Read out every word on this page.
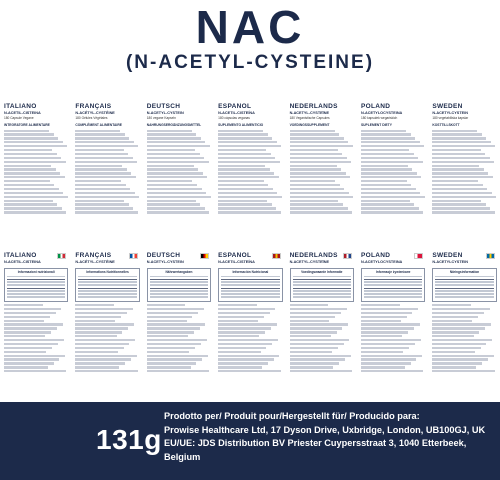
NAC
(N-ACETYL-CYSTEINE)
ITALIANO
N-ACETIL-CISTEINA
180 Capsule Vegane
INTEGRATORE ALIMENTARE
FRANÇAIS
N-ACÉTYL-CYSTÉINE
180 Gélules Végétales
COMPLÉMENT ALIMENTAIRE
DEUTSCH
N-ACETYL-CYSTEIN
180 vegane Kapseln
NAHRUNGSERGÄNZUNGSMITTEL
ESPAÑOL
N-ACETIL-CISTEÍNA
180 cápsulas veganas
SUPLEMENTO ALIMENTICIO
NEDERLANDS
N-ACETYL-CYSTEÏNE
180 Veganistische Capsules
VOEDINGSSUPPLEMENT
POLAND
N-ACETYLOCYSTEINA
180 kapsułek wegańskich
SUPLEMENT DIETY
SWEDEN
N-ACETYLCYSTEIN
180 vegetabiliska kapslar
KOSTTILLSKOTT
ITALIANO
N-ACETIL-CISTEINA
Informazioni nutrizionali
FRANÇAIS
N-ACÉTYL-CYSTÉINE
Informations Nutritionnelles
DEUTSCH
N-ACETYL-CYSTEIN
Nährwertangaben
ESPAÑOL
N-ACETIL-CISTEÍNA
Información Nutricional
NEDERLANDS
N-ACETYL-CYSTEÏNE
Voedingswaarde Informatie
POLAND
N-ACETYLOCYSTEINA
Informacje żywieniowe
SWEDEN
N-ACETYLCYSTEIN
Näringsinformation
131g
Prodotto per/ Produit pour/Hergestellt für/ Producido para:
Prowise Healthcare Ltd, 17 Dyson Drive, Uxbridge, London, UB100GJ, UK
EU/UE: JDS Distribution BV Priester Cuypersstraat 3, 1040 Etterbeek, Belgium
